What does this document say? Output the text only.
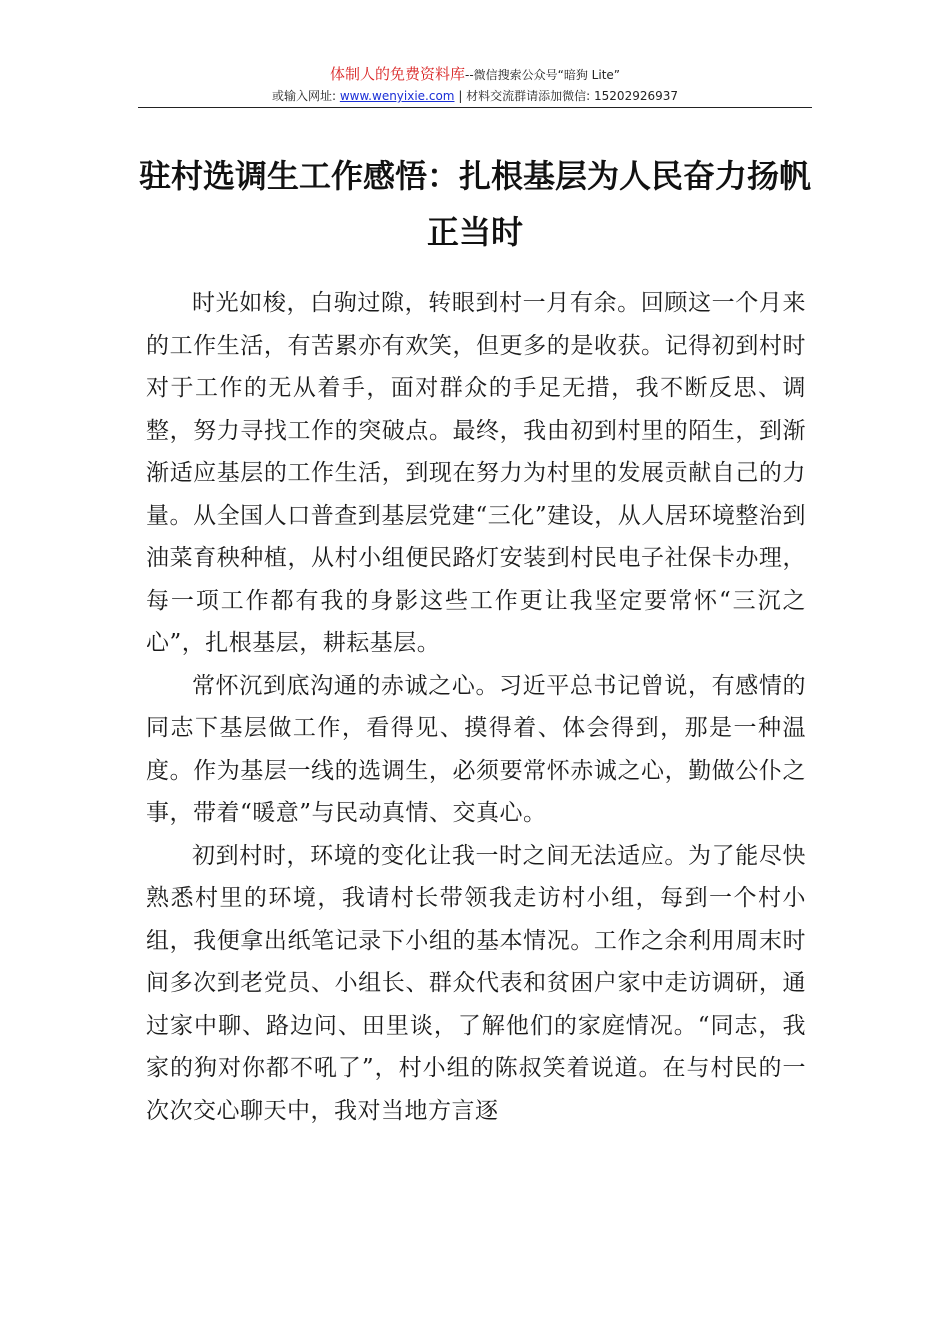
体制人的免费资料库--微信搜索公众号“暗狗 Lite”
或输入网址: www.wenyixie.com | 材料交流群请添加微信: 15202926937
驻村选调生工作感悟：扎根基层为人民奋力扬帆正当时

时光如梭，白驹过隙，转眼到村一月有余。回顾这一个月来的工作生活，有苦累亦有欢笑，但更多的是收获。记得初到村时对于工作的无从着手，面对群众的手足无措，我不断反思、调整，努力寻找工作的突破点。最终，我由初到村里的陌生，到渐渐适应基层的工作生活，到现在努力为村里的发展贡献自己的力量。从全国人口普查到基层党建“三化”建设，从人居环境整治到油菜育秧种植，从村小组便民路灯安装到村民电子社保卡办理，每一项工作都有我的身影这些工作更让我坚定要常怀“三沉之心”，扎根基层，耕耘基层。

常怀沉到底沟通的赤诚之心。习近平总书记曾说，有感情的同志下基层做工作，看得见、摸得着、体会得到，那是一种温度。作为基层一线的选调生，必须要常怀赤诚之心，勤做公仆之事，带着“暖意”与民动真情、交真心。

初到村时，环境的变化让我一时之间无法适应。为了能尽快熟悉村里的环境，我请村长带领我走访村小组，每到一个村小组，我便拿出纸笔记录下小组的基本情况。工作之余利用周末时间多次到老党员、小组长、群众代表和贫困户家中走访调研，通过家中聊、路边问、田里谈，了解他们的家庭情况。“同志，我家的狗对你都不吼了”，村小组的陈叔笑着说道。在与村民的一次次交心聊天中，我对当地方言逐
